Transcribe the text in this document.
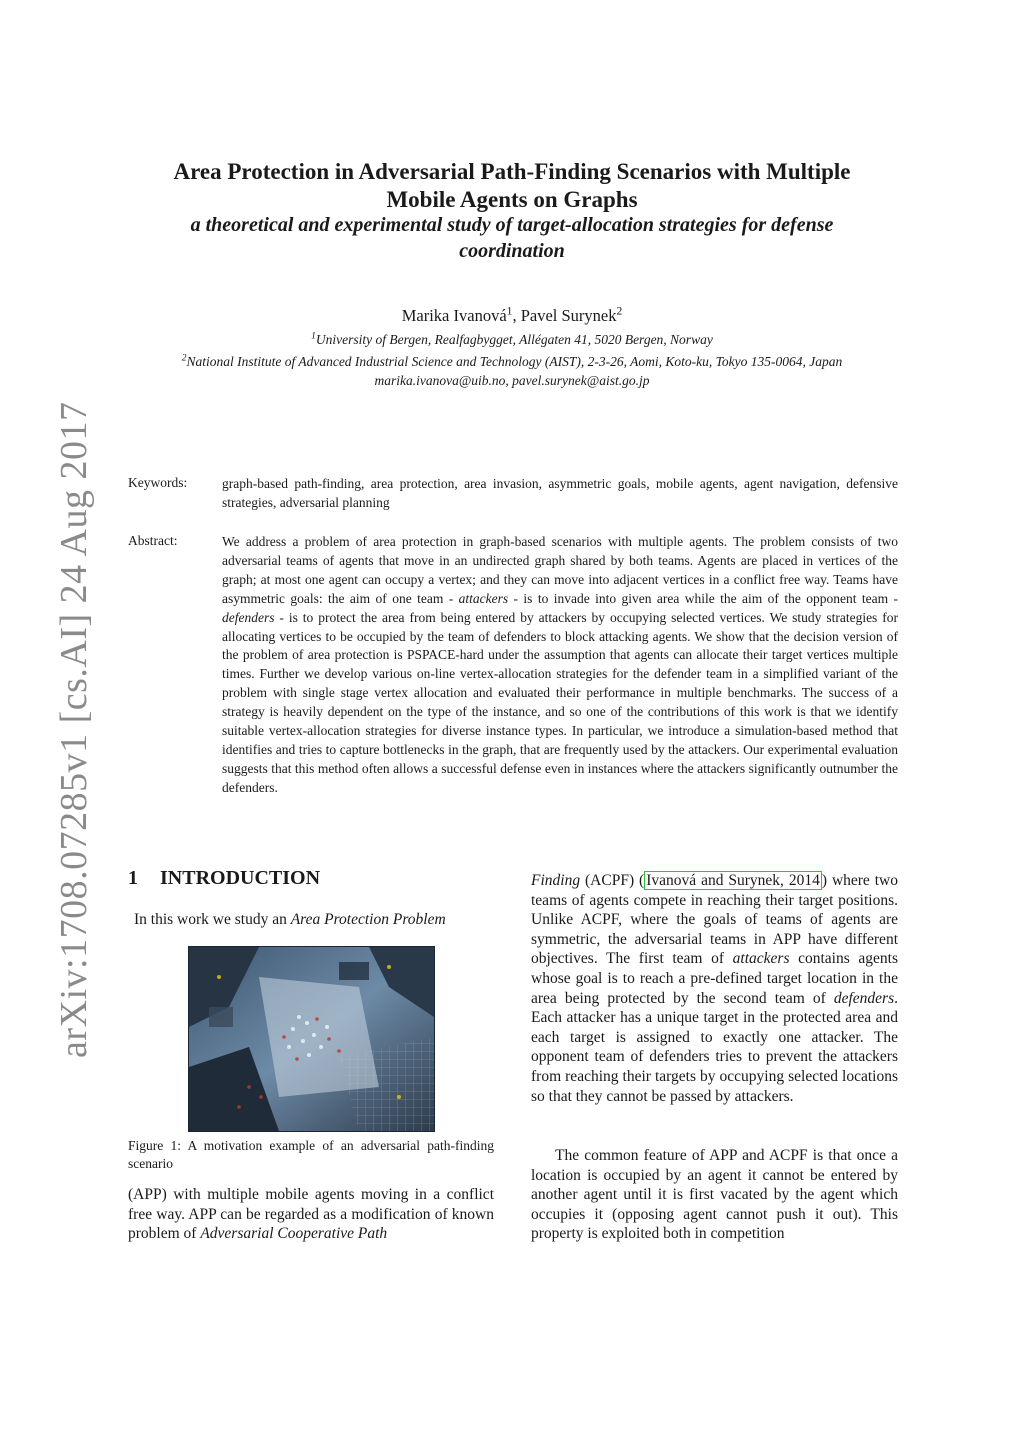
arXiv:1708.07285v1 [cs.AI] 24 Aug 2017
Area Protection in Adversarial Path-Finding Scenarios with Multiple
Mobile Agents on Graphs
a theoretical and experimental study of target-allocation strategies for defense coordination
Marika Ivanová$^1$, Pavel Surynek$^2$
$^1$University of Bergen, Realfagbygget, Allégaten 41, 5020 Bergen, Norway
$^2$National Institute of Advanced Industrial Science and Technology (AIST), 2-3-26, Aomi, Koto-ku, Tokyo 135-0064, Japan
marika.ivanova@uib.no, pavel.surynek@aist.go.jp
Keywords:	graph-based path-finding, area protection, area invasion, asymmetric goals, mobile agents, agent navigation, defensive strategies, adversarial planning
Abstract:	We address a problem of area protection in graph-based scenarios with multiple agents. The problem consists of two adversarial teams of agents that move in an undirected graph shared by both teams. Agents are placed in vertices of the graph; at most one agent can occupy a vertex; and they can move into adjacent vertices in a conflict free way. Teams have asymmetric goals: the aim of one team - attackers - is to invade into given area while the aim of the opponent team - defenders - is to protect the area from being entered by attackers by occupying selected vertices. We study strategies for allocating vertices to be occupied by the team of defenders to block attacking agents. We show that the decision version of the problem of area protection is PSPACE-hard under the assumption that agents can allocate their target vertices multiple times. Further we develop various on-line vertex-allocation strategies for the defender team in a simplified variant of the problem with single stage vertex allocation and evaluated their performance in multiple benchmarks. The success of a strategy is heavily dependent on the type of the instance, and so one of the contributions of this work is that we identify suitable vertex-allocation strategies for diverse instance types. In particular, we introduce a simulation-based method that identifies and tries to capture bottlenecks in the graph, that are frequently used by the attackers. Our experimental evaluation suggests that this method often allows a successful defense even in instances where the attackers significantly outnumber the defenders.
1 INTRODUCTION
In this work we study an Area Protection Problem
Figure 1: A motivation example of an adversarial path-finding scenario
(APP) with multiple mobile agents moving in a conflict free way. APP can be regarded as a modification of known problem of Adversarial Cooperative Path
Finding (ACPF) ( Ivanová and Surynek, 2014 ) where two teams of agents compete in reaching their target positions. Unlike ACPF, where the goals of teams of agents are symmetric, the adversarial teams in APP have different objectives. The first team of attackers contains agents whose goal is to reach a pre-defined target location in the area being protected by the second team of defenders. Each attacker has a unique target in the protected area and each target is assigned to exactly one attacker. The opponent team of defenders tries to prevent the attackers from reaching their targets by occupying selected locations so that they cannot be passed by attackers.
The common feature of APP and ACPF is that once a location is occupied by an agent it cannot be entered by another agent until it is first vacated by the agent which occupies it (opposing agent cannot push it out). This property is exploited both in competition
